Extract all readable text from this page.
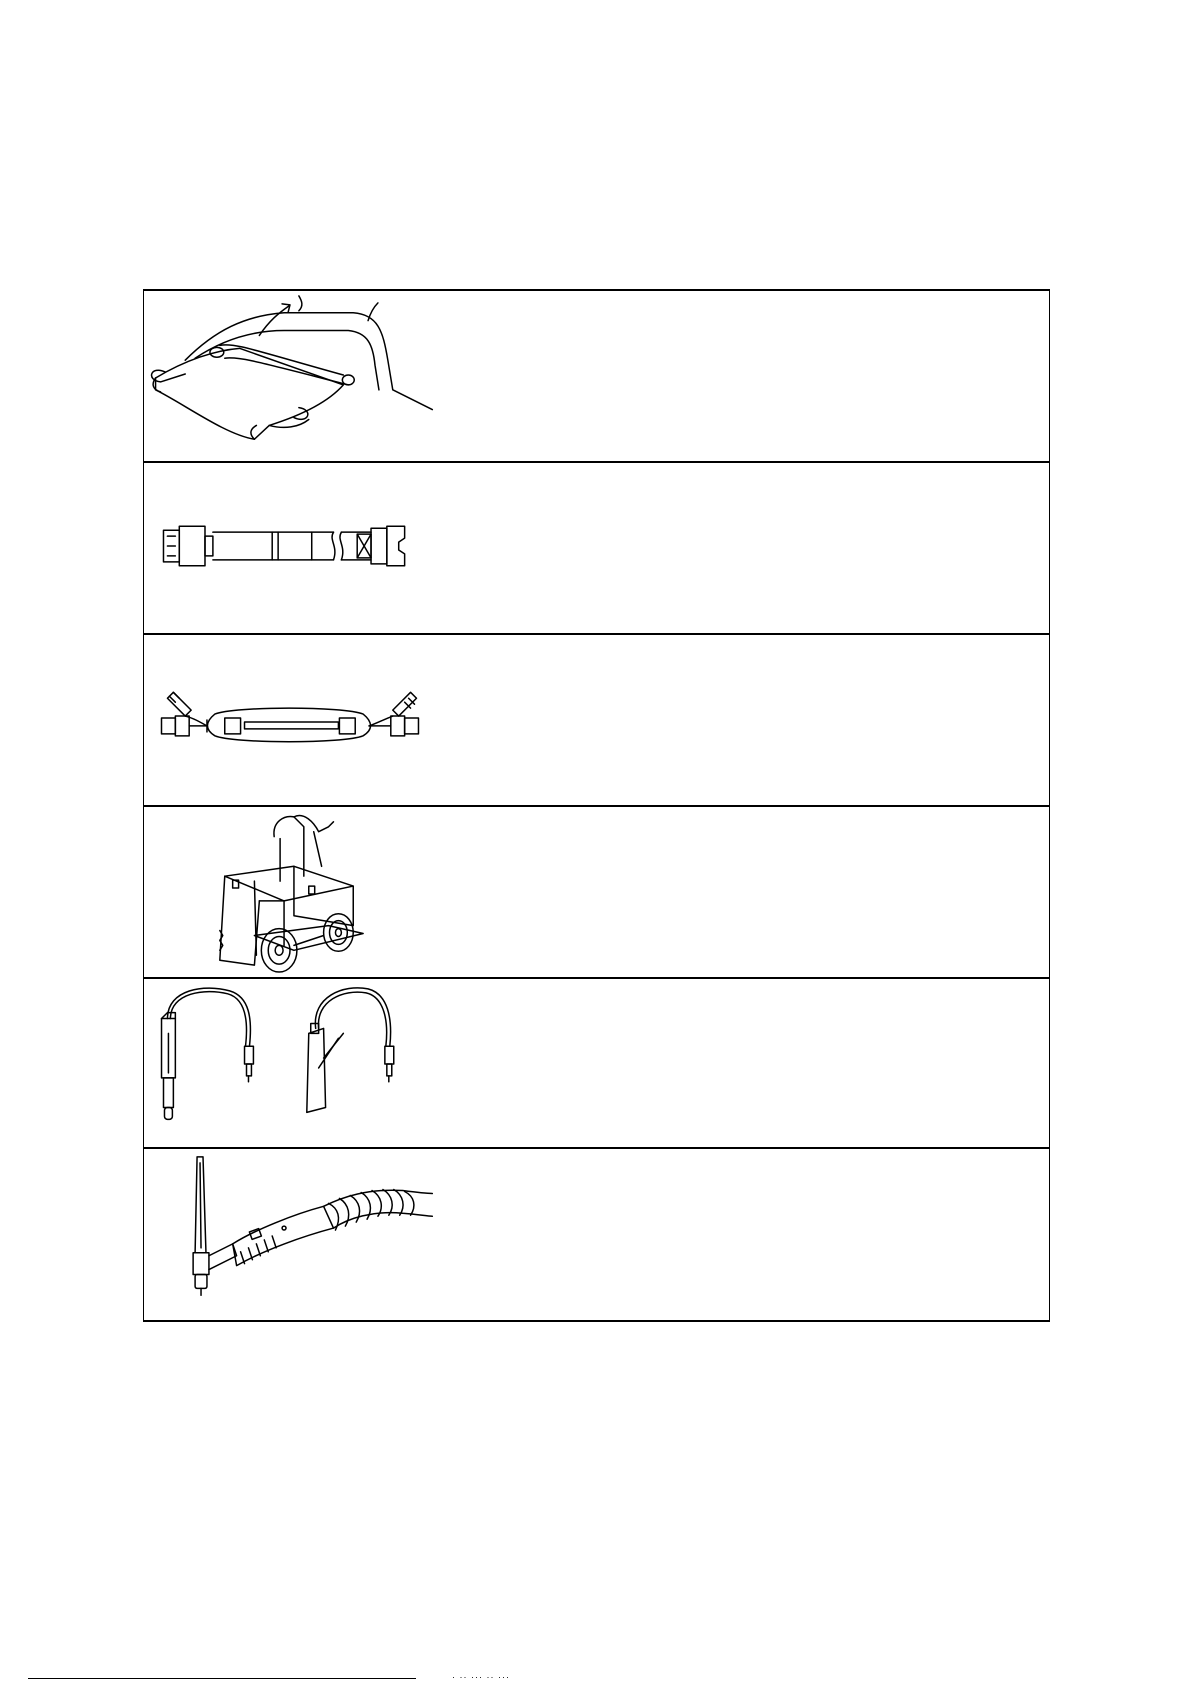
· ·· ··· ·· ···
